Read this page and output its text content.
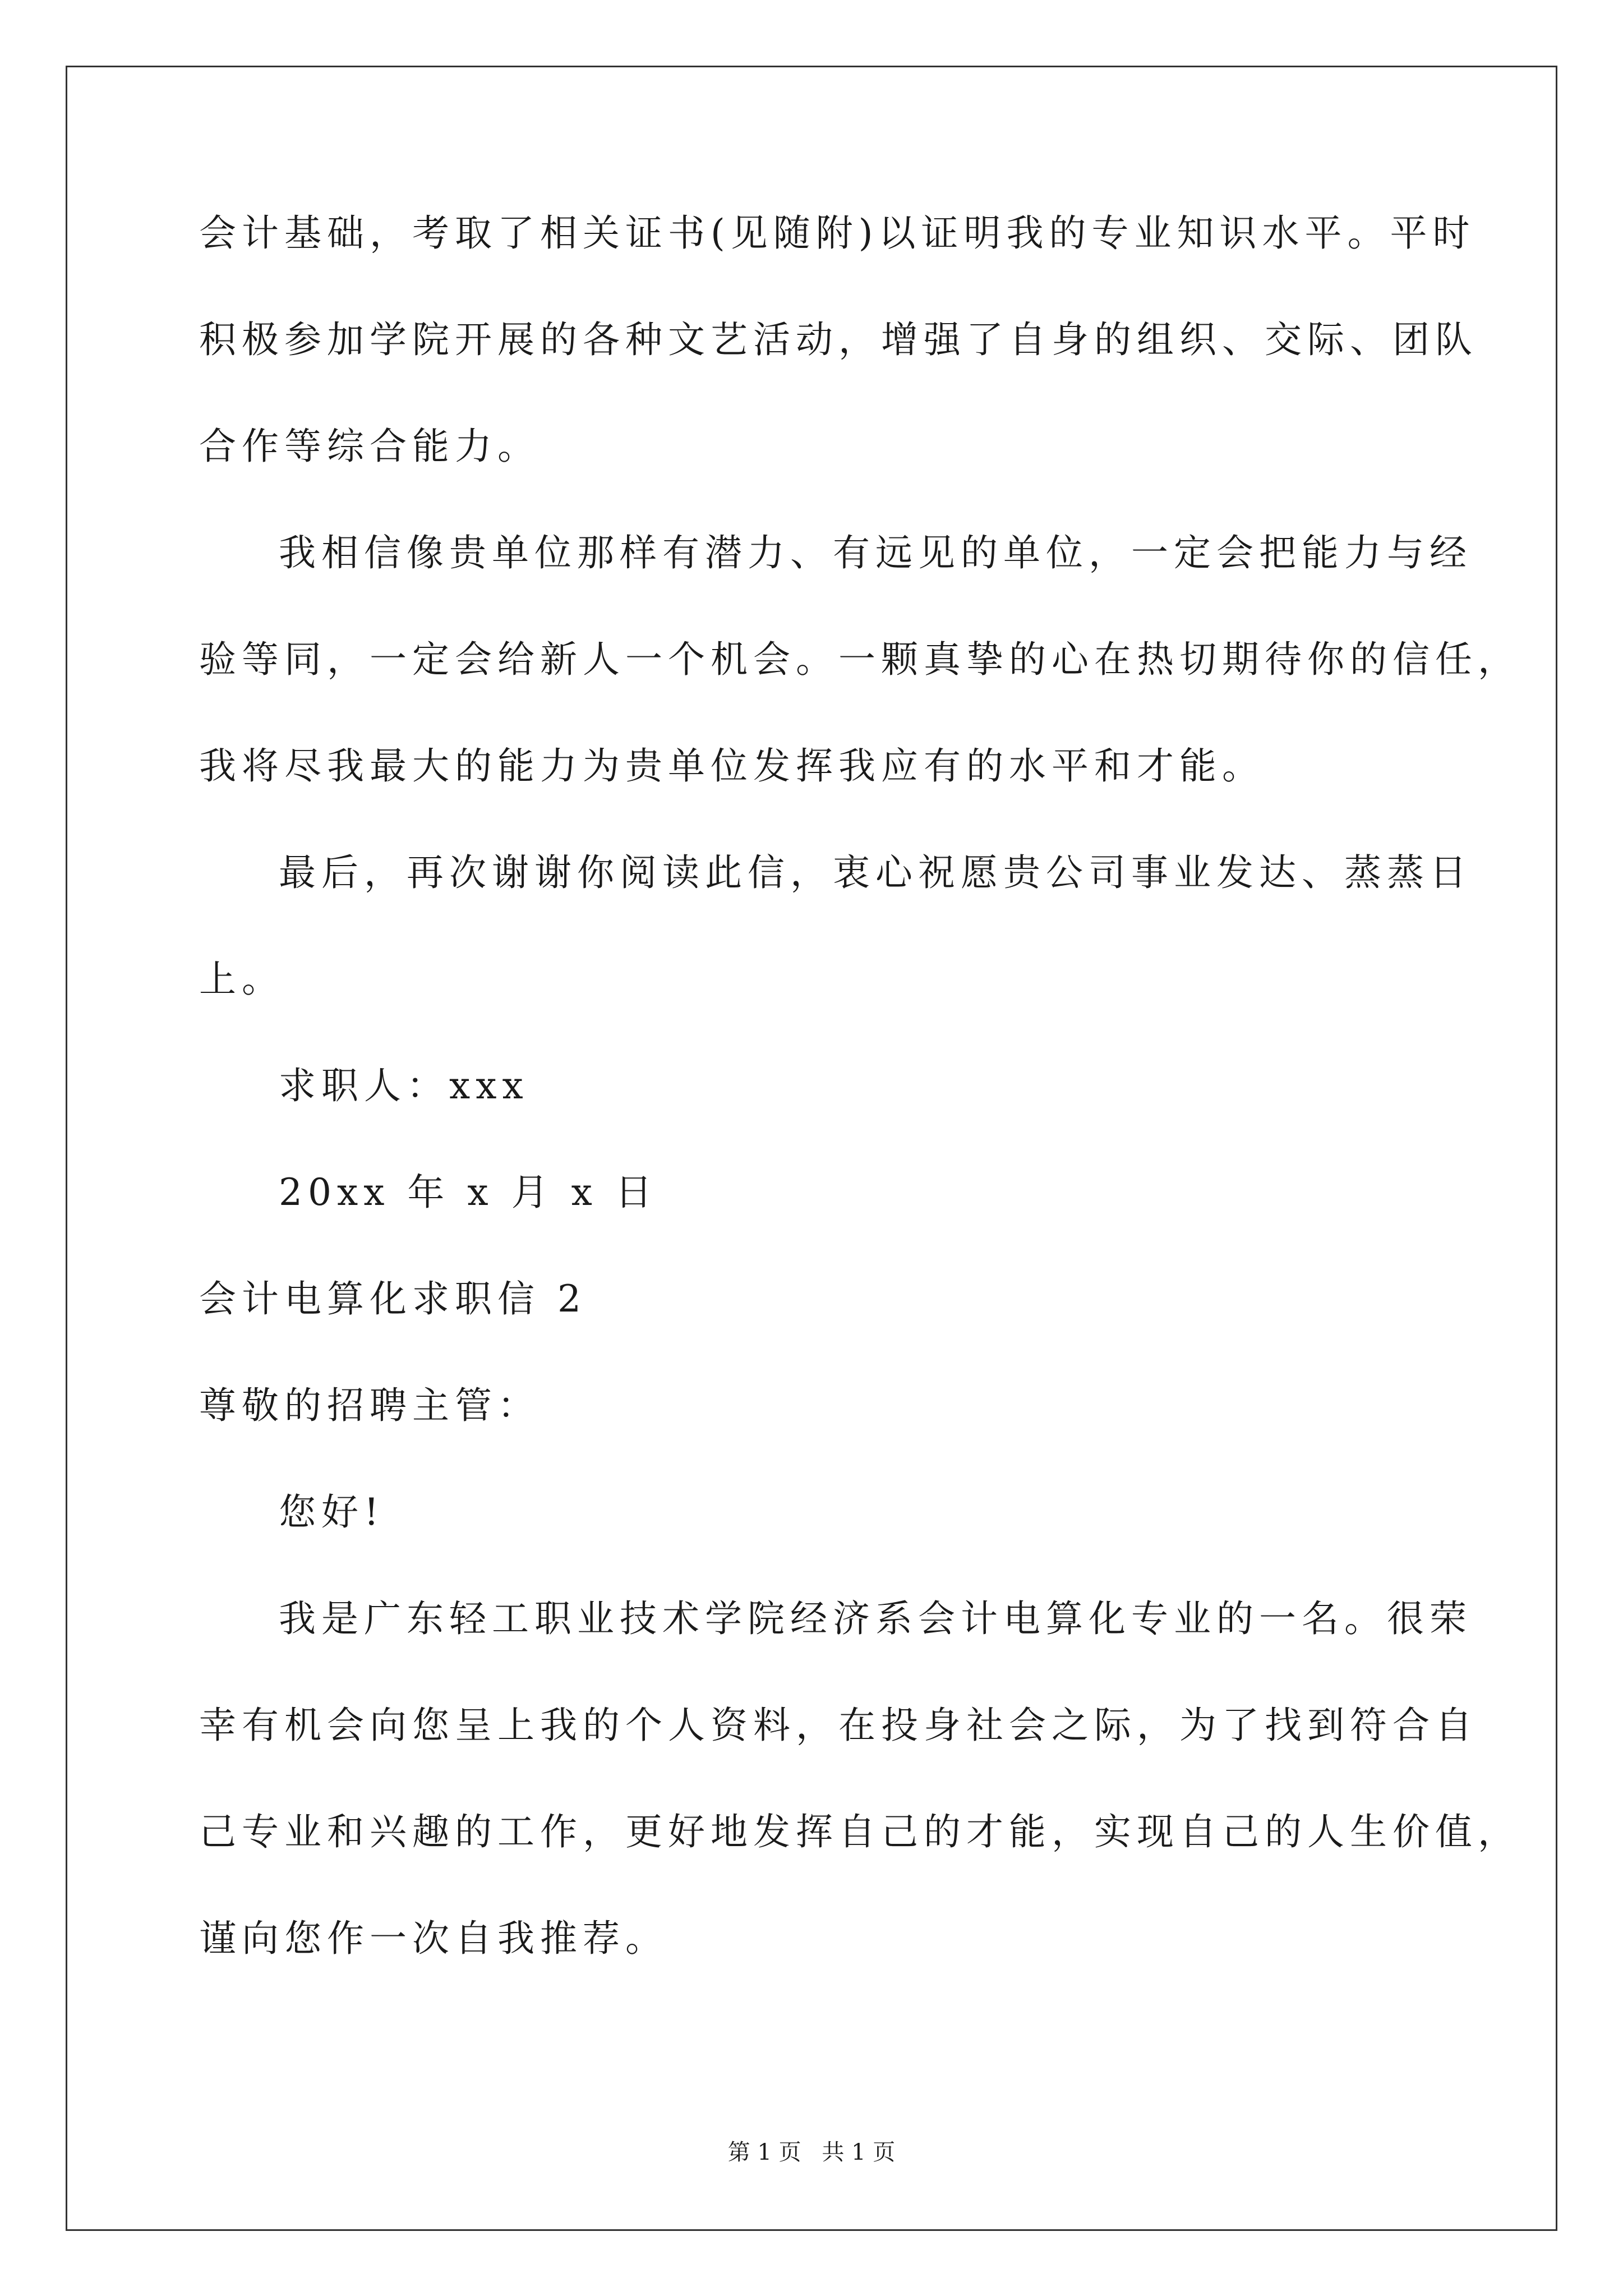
会计基础，考取了相关证书(见随附)以证明我的专业知识水平。平时
积极参加学院开展的各种文艺活动，增强了自身的组织、交际、团队
合作等综合能力。
我相信像贵单位那样有潜力、有远见的单位，一定会把能力与经
验等同，一定会给新人一个机会。一颗真挚的心在热切期待你的信任，
我将尽我最大的能力为贵单位发挥我应有的水平和才能。
最后，再次谢谢你阅读此信，衷心祝愿贵公司事业发达、蒸蒸日
上。
求职人：xxx
20xx 年 x 月 x 日
会计电算化求职信 2
尊敬的招聘主管：
您好!
我是广东轻工职业技术学院经济系会计电算化专业的一名。很荣
幸有机会向您呈上我的个人资料，在投身社会之际，为了找到符合自
己专业和兴趣的工作，更好地发挥自己的才能，实现自己的人生价值，
谨向您作一次自我推荐。
第 1 页 共 1 页
